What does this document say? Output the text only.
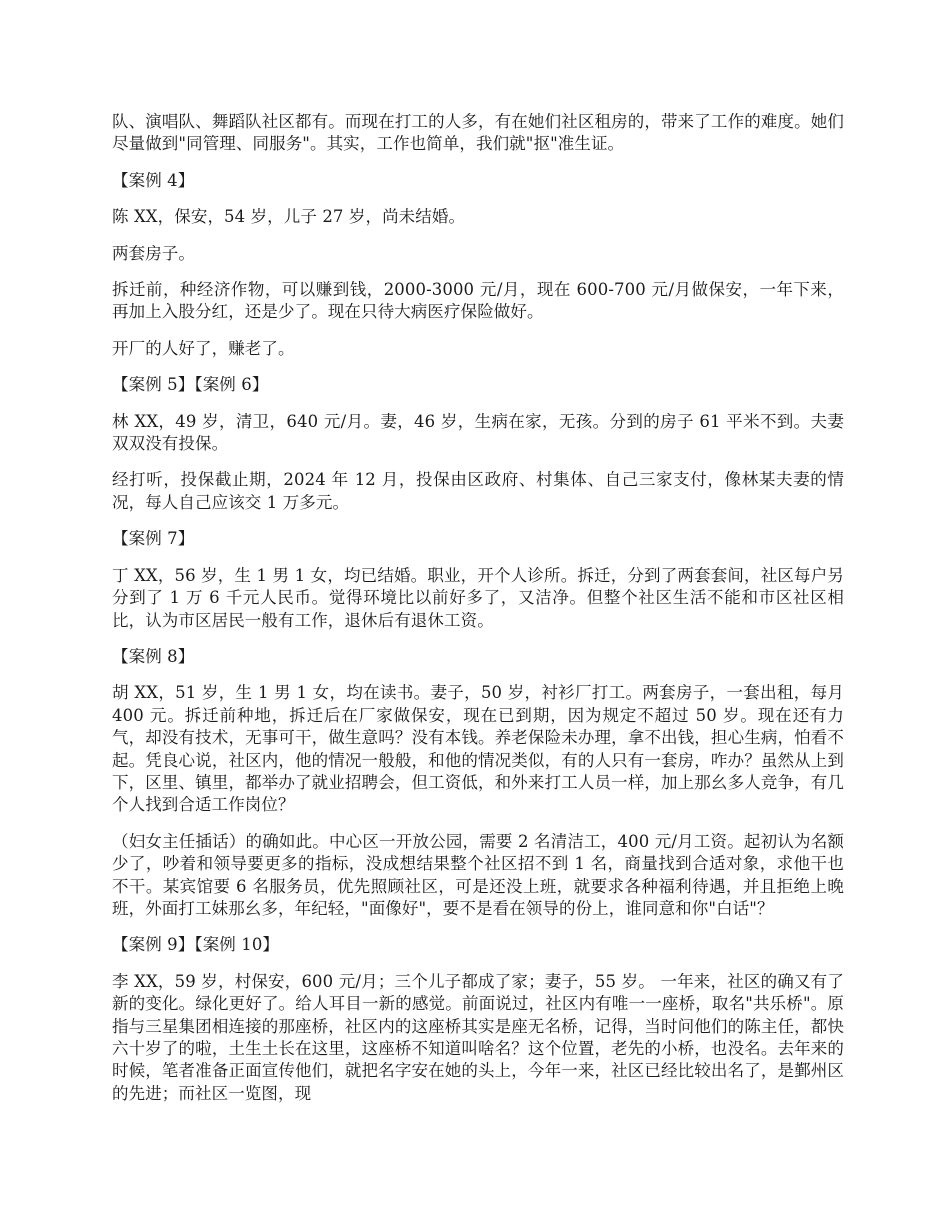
队、演唱队、舞蹈队社区都有。而现在打工的人多，有在她们社区租房的，带来了工作的难度。她们尽量做到"同管理、同服务"。其实，工作也简单，我们就"抠"准生证。

【案例 4】

陈 XX，保安，54 岁，儿子 27 岁，尚未结婚。

两套房子。

拆迁前，种经济作物，可以赚到钱，2000-3000 元/月，现在 600-700 元/月做保安，一年下来，再加上入股分红，还是少了。现在只待大病医疗保险做好。

开厂的人好了，赚老了。

【案例 5】【案例 6】

林 XX，49 岁，清卫，640 元/月。妻，46 岁，生病在家，无孩。分到的房子 61 平米不到。夫妻双双没有投保。

经打听，投保截止期，2024 年 12 月，投保由区政府、村集体、自己三家支付，像林某夫妻的情况，每人自己应该交 1 万多元。

【案例 7】

丁 XX，56 岁，生 1 男 1 女，均已结婚。职业，开个人诊所。拆迁，分到了两套套间，社区每户另分到了 1 万 6 千元人民币。觉得环境比以前好多了，又洁净。但整个社区生活不能和市区社区相比，认为市区居民一般有工作，退休后有退休工资。

【案例 8】

胡 XX，51 岁，生 1 男 1 女，均在读书。妻子，50 岁，衬衫厂打工。两套房子，一套出租，每月 400 元。拆迁前种地，拆迁后在厂家做保安，现在已到期，因为规定不超过 50 岁。现在还有力气，却没有技术，无事可干，做生意吗？没有本钱。养老保险未办理，拿不出钱，担心生病，怕看不起。凭良心说，社区内，他的情况一般般，和他的情况类似，有的人只有一套房，咋办？虽然从上到下，区里、镇里，都举办了就业招聘会，但工资低，和外来打工人员一样，加上那幺多人竞争，有几个人找到合适工作岗位？

（妇女主任插话）的确如此。中心区一开放公园，需要 2 名清洁工，400 元/月工资。起初认为名额少了，吵着和领导要更多的指标，没成想结果整个社区招不到 1 名，商量找到合适对象，求他干也不干。某宾馆要 6 名服务员，优先照顾社区，可是还没上班，就要求各种福利待遇，并且拒绝上晚班，外面打工妹那幺多，年纪轻，"面像好"，要不是看在领导的份上，谁同意和你"白话"？

【案例 9】【案例 10】

李 XX，59 岁，村保安，600 元/月；三个儿子都成了家；妻子，55 岁。 一年来，社区的确又有了新的变化。绿化更好了。给人耳目一新的感觉。前面说过，社区内有唯一一座桥，取名"共乐桥"。原指与三星集团相连接的那座桥，社区内的这座桥其实是座无名桥，记得，当时问他们的陈主任，都快六十岁了的啦，土生土长在这里，这座桥不知道叫啥名？这个位置，老先的小桥，也没名。去年来的时候，笔者准备正面宣传他们，就把名字安在她的头上，今年一来，社区已经比较出名了，是鄞州区的先进；而社区一览图，现
